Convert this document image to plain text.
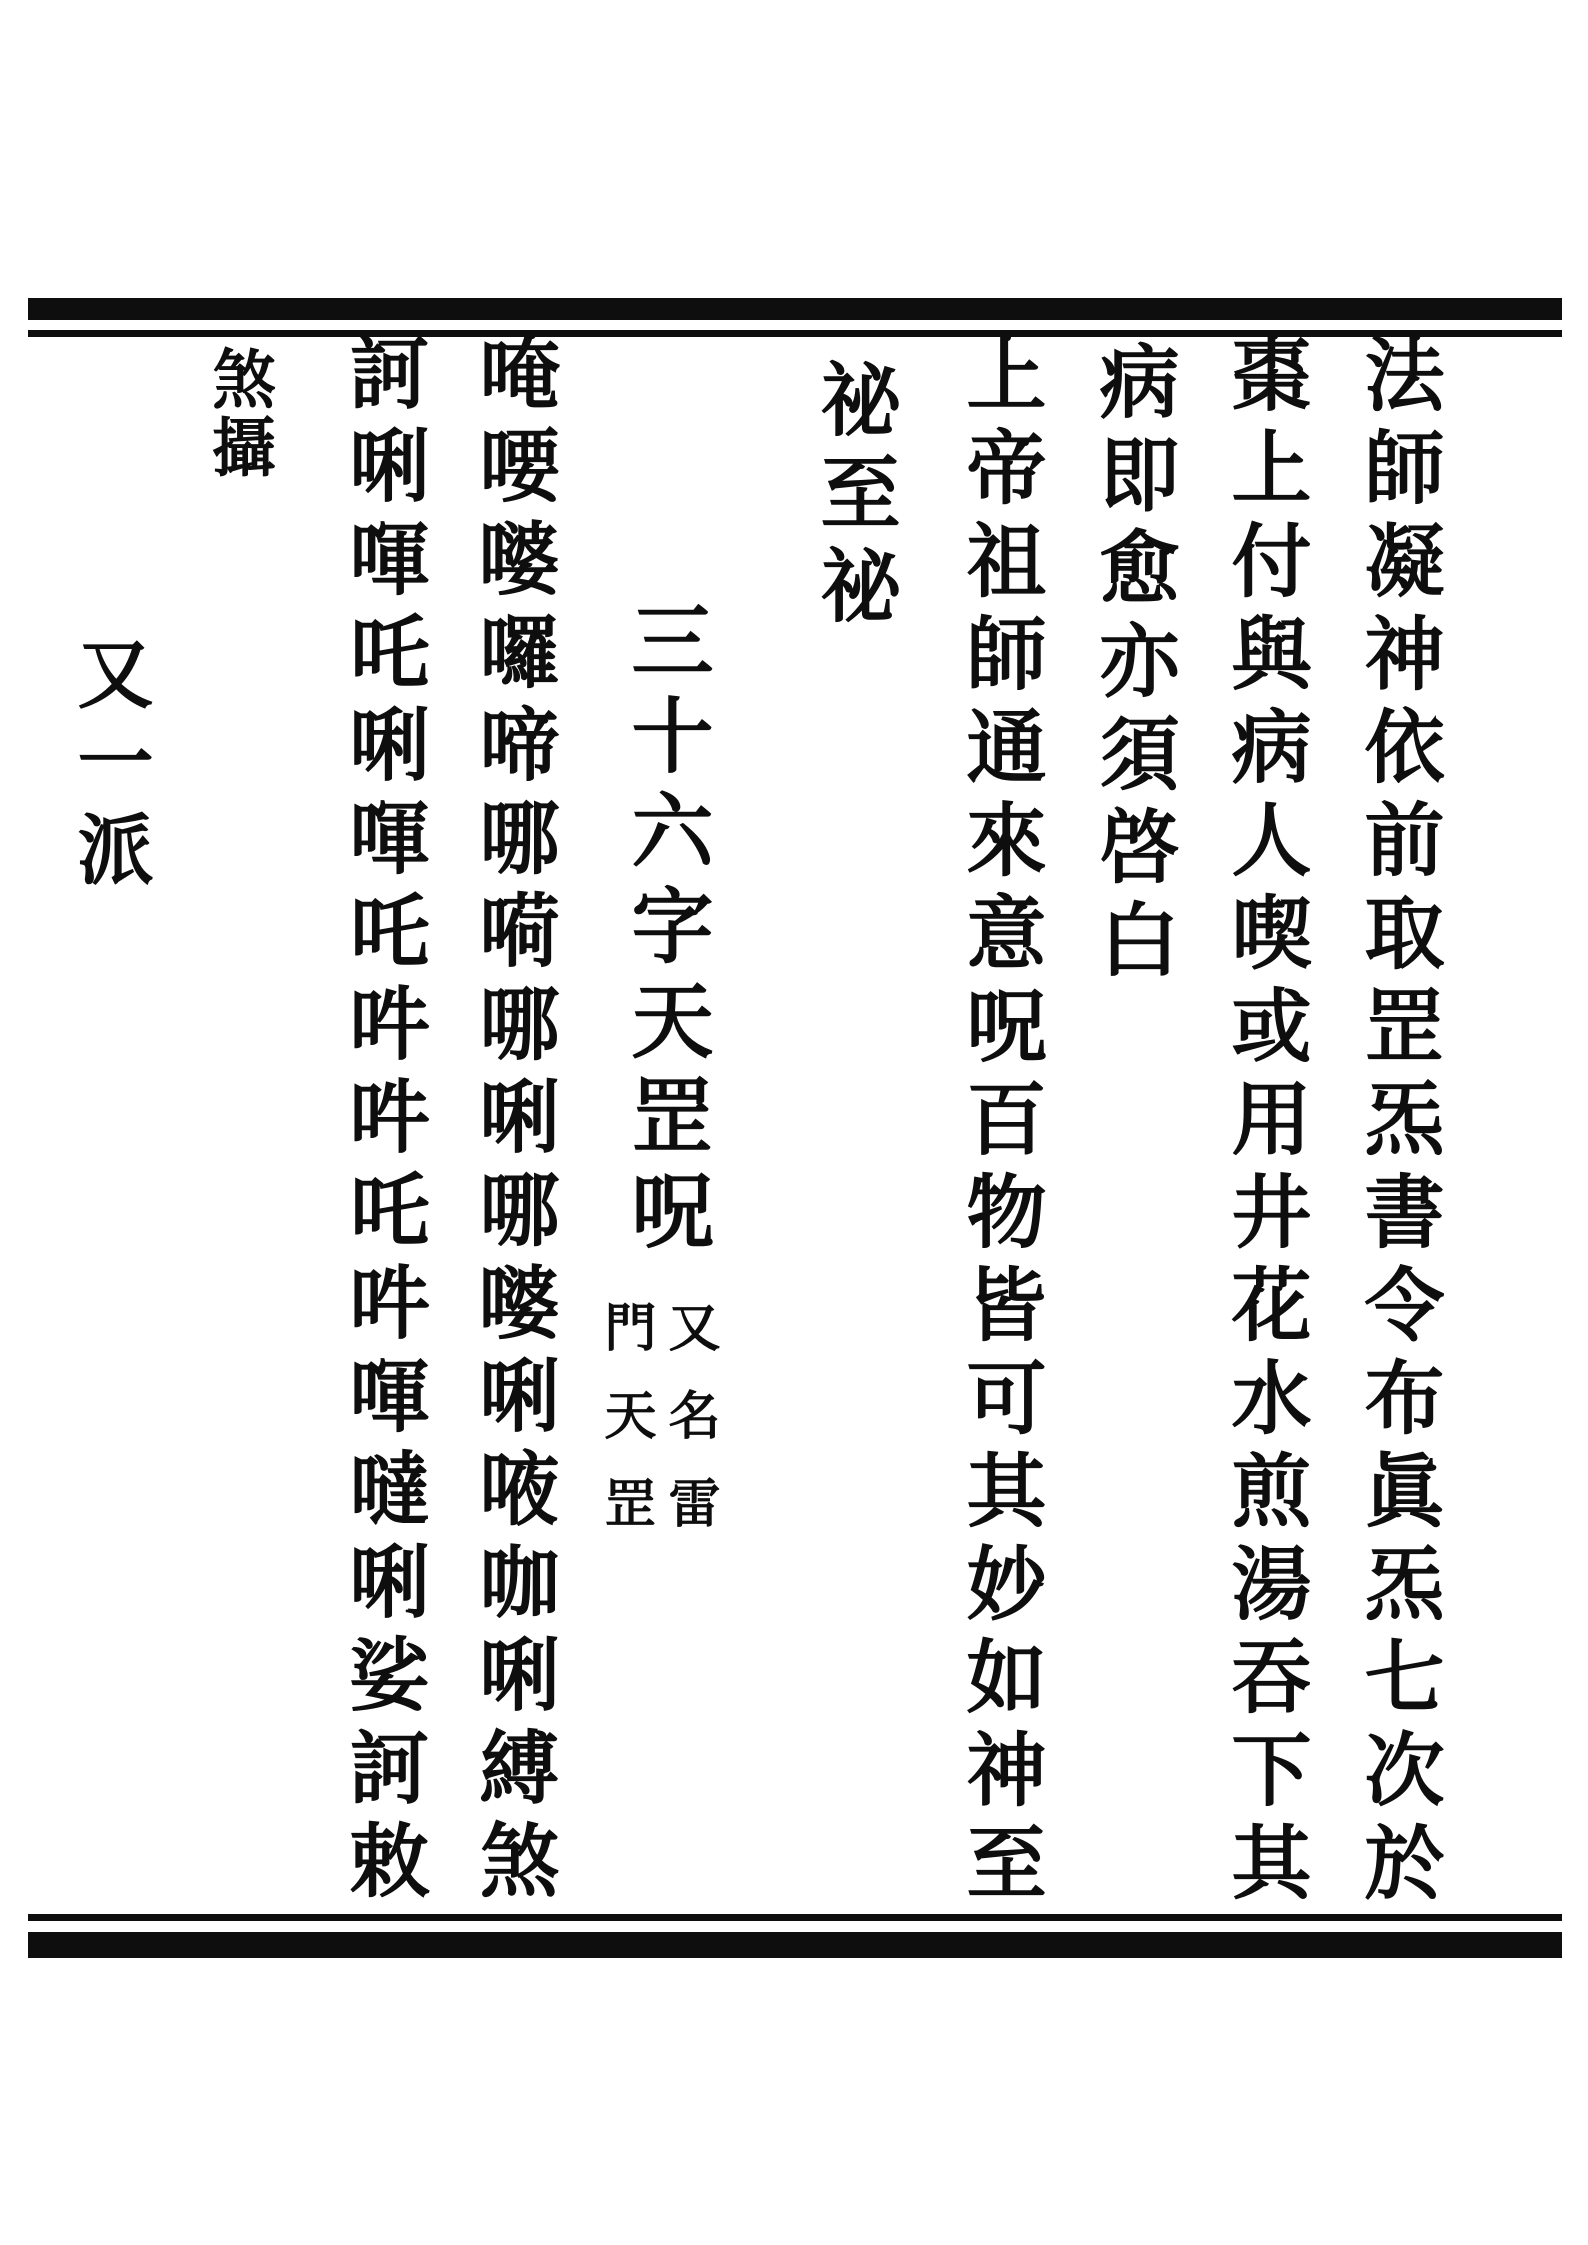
法師凝神依前取罡炁書令布眞炁七次於
棗上付與病人喫或用井花水煎湯吞下其
病即愈亦須啓白
上帝祖師通來意呪百物皆可其妙如神至
祕至祕
三十六字天罡呪
又名雷
門天罡
唵喓嘙囉啼哪嗬哪唎哪嘙唎㖡咖唎縛煞
訶唎喗吒唎喗吒吽吽吒吽喗噠唎娑訶敕
煞攝
又一派
